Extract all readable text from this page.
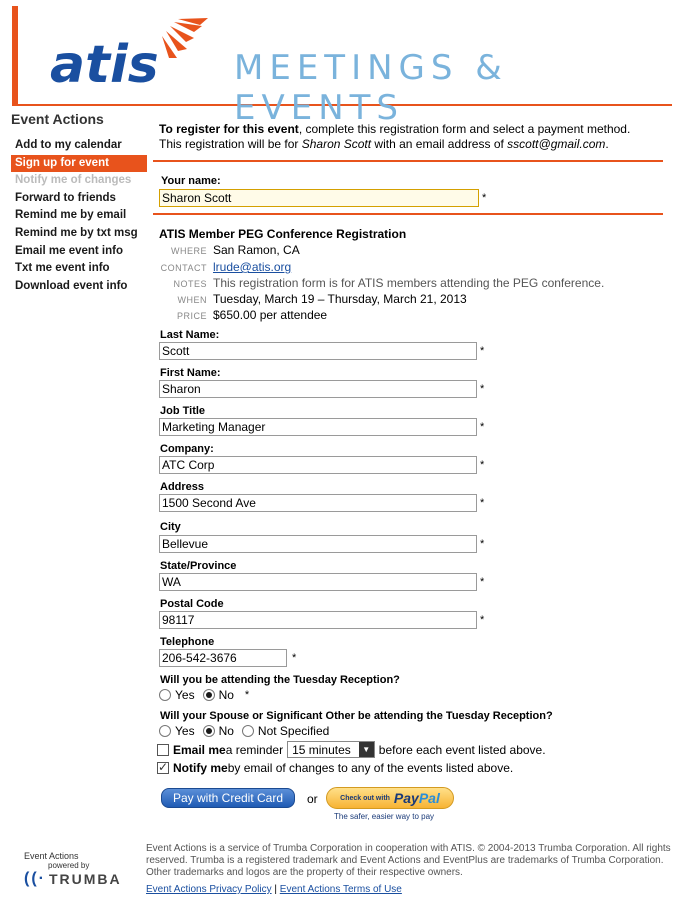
atis MEETINGS & EVENTS
Event Actions
Add to my calendar
Sign up for event
Notify me of changes
Forward to friends
Remind me by email
Remind me by txt msg
Email me event info
Txt me event info
Download event info
To register for this event, complete this registration form and select a payment method.
This registration will be for Sharon Scott with an email address of sscott@gmail.com.
Your name:
Sharon Scott
*
ATIS Member PEG Conference Registration
WHERE San Ramon, CA
CONTACT lrude@atis.org
NOTES This registration form is for ATIS members attending the PEG conference.
WHEN Tuesday, March 19 – Thursday, March 21, 2013
PRICE $650.00 per attendee
Last Name:
Scott
*
First Name:
Sharon
*
Job Title
Marketing Manager
*
Company:
ATC Corp
*
Address
1500 Second Ave
*
City
Bellevue
*
State/Province
WA
*
Postal Code
98117
*
Telephone
206-542-3676
*
Will you be attending the Tuesday Reception?
Yes No *
Will your Spouse or Significant Other be attending the Tuesday Reception?
Yes No Not Specified
Email me a reminder 15 minutes	▼ before each event listed above.
✓
Notify me by email of changes to any of the events listed above.
Pay with Credit Card	or	Check out with PayPal
The safer, easier way to pay
Event Actions
powered by
((· TRUMBA
Event Actions is a service of Trumba Corporation in cooperation with ATIS. © 2004-2013 Trumba Corporation. All rights reserved. Trumba is a registered trademark and Event Actions and EventPlus are trademarks of Trumba Corporation. Other trademarks and logos are the property of their respective owners.
Event Actions Privacy Policy | Event Actions Terms of Use
